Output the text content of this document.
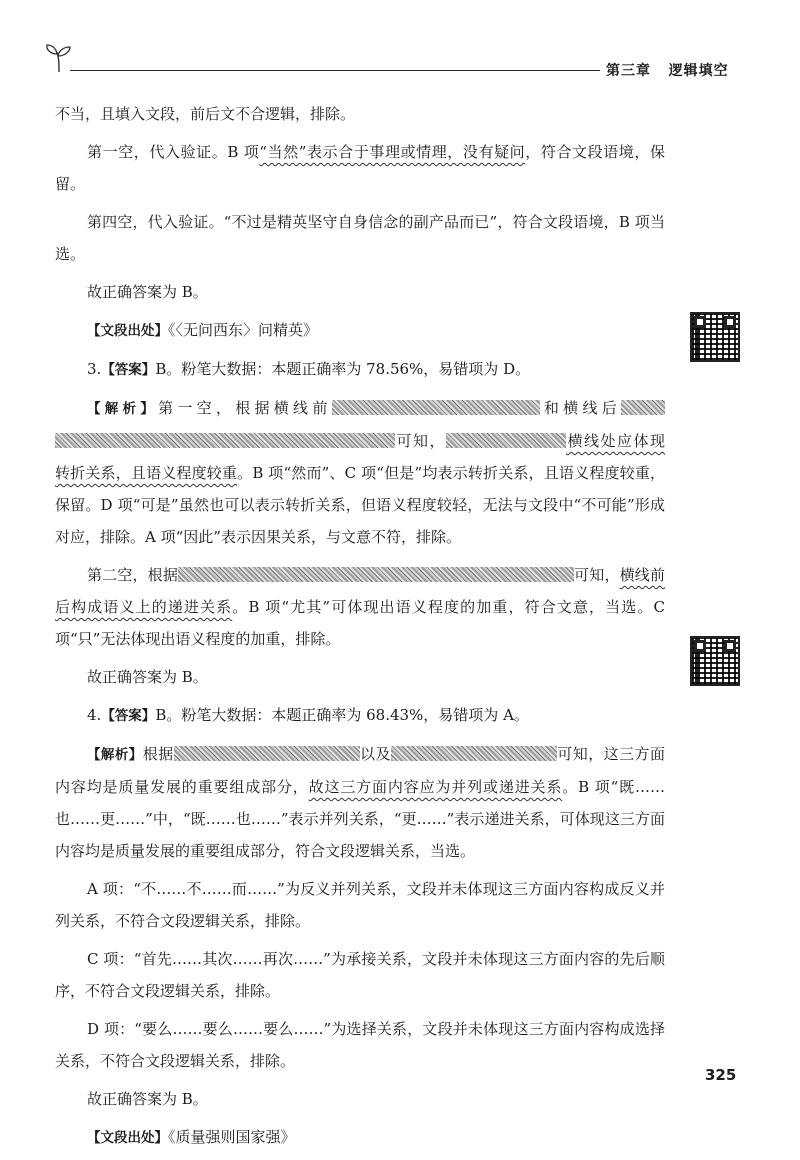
第三章 逻辑填空

不当，且填入文段，前后文不合逻辑，排除。

第一空，代入验证。B 项“当然”表示合于事理或情理，没有疑问，符合文段语境，保留。

第四空，代入验证。“不过是精英坚守自身信念的副产品而已”，符合文段语境，B 项当选。

故正确答案为 B。

【文段出处】《〈无问西东〉问精英》

3.【答案】B。粉笔大数据：本题正确率为 78.56%，易错项为 D。

【解析】第一空，根据横线前	和横线后可知，	横线处应体现转折关系，且语义程度较重。B 项“然而”、C 项“但是”均表示转折关系，且语义程度较重，保留。D 项“可是”虽然也可以表示转折关系，但语义程度较轻，无法与文段中“不可能”形成对应，排除。A 项“因此”表示因果关系，与文意不符，排除。

第二空，根据	可知，横线前后构成语义上的递进关系。B 项“尤其”可体现出语义程度的加重，符合文意，当选。C 项“只”无法体现出语义程度的加重，排除。

故正确答案为 B。

4.【答案】B。粉笔大数据：本题正确率为 68.43%，易错项为 A。

【解析】根据	以及	可知，这三方面内容均是质量发展的重要组成部分，故这三方面内容应为并列或递进关系。B 项“既……也……更……”中，“既……也……”表示并列关系，“更……”表示递进关系，可体现这三方面内容均是质量发展的重要组成部分，符合文段逻辑关系，当选。

A 项：“不……不……而……”为反义并列关系，文段并未体现这三方面内容构成反义并列关系，不符合文段逻辑关系，排除。

C 项：“首先……其次……再次……”为承接关系，文段并未体现这三方面内容的先后顺序，不符合文段逻辑关系，排除。

D 项：“要么……要么……要么……”为选择关系，文段并未体现这三方面内容构成选择关系，不符合文段逻辑关系，排除。

故正确答案为 B。

【文段出处】《质量强则国家强》

325
